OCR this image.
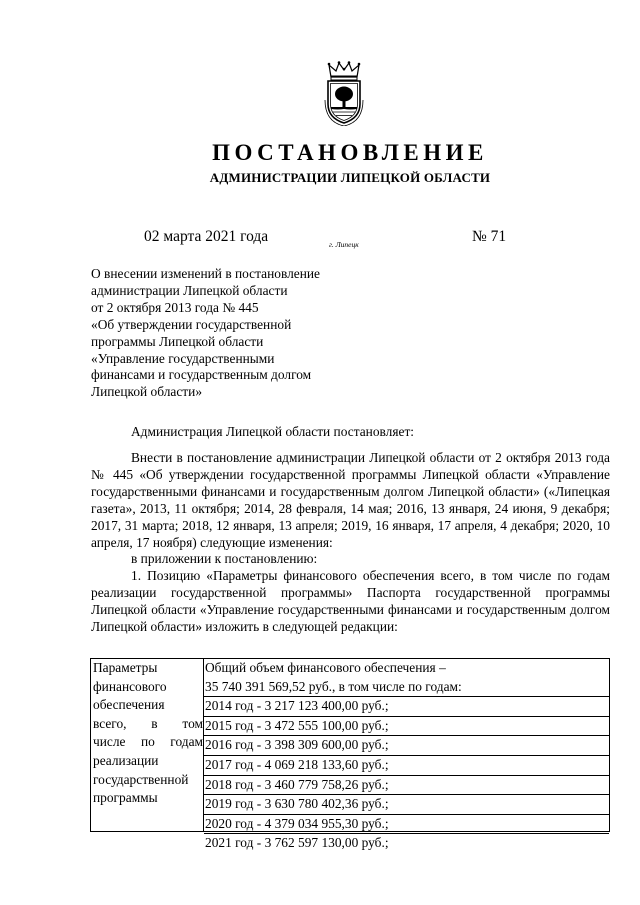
ПОСТАНОВЛЕНИЕ
АДМИНИСТРАЦИИ ЛИПЕЦКОЙ ОБЛАСТИ
02 марта 2021 года	г. Липецк	№ 71
О внесении изменений в постановление
администрации Липецкой области
от 2 октября 2013 года № 445
«Об утверждении государственной
программы Липецкой области
«Управление государственными
финансами и государственным долгом
Липецкой области»
Администрация Липецкой области постановляет:

Внести в постановление администрации Липецкой области от 2 октября 2013 года № 445 «Об утверждении государственной программы Липецкой области «Управление государственными финансами и государственным долгом Липецкой области» («Липецкая газета», 2013, 11 октября; 2014, 28 февраля, 14 мая; 2016, 13 января, 24 июня, 9 декабря; 2017, 31 марта; 2018, 12 января, 13 апреля; 2019, 16 января, 17 апреля, 4 декабря; 2020, 10 апреля, 17 ноября) следующие изменения:

в приложении к постановлению:

1. Позицию «Параметры финансового обеспечения всего, в том числе по годам реализации государственной программы» Паспорта государственной программы Липецкой области «Управление государственными финансами и государственным долгом Липецкой области» изложить в следующей редакции:

Параметры
финансового
обеспечения
всего, в том
числе по годам
реализации
государственной
программы
Общий объем финансового обеспечения –
35 740 391 569,52 руб., в том числе по годам:
2014 год - 3 217 123 400,00 руб.;
2015 год - 3 472 555 100,00 руб.;
2016 год - 3 398 309 600,00 руб.;
2017 год - 4 069 218 133,60 руб.;
2018 год - 3 460 779 758,26 руб.;
2019 год - 3 630 780 402,36 руб.;
2020 год - 4 379 034 955,30 руб.;
2021 год - 3 762 597 130,00 руб.;
